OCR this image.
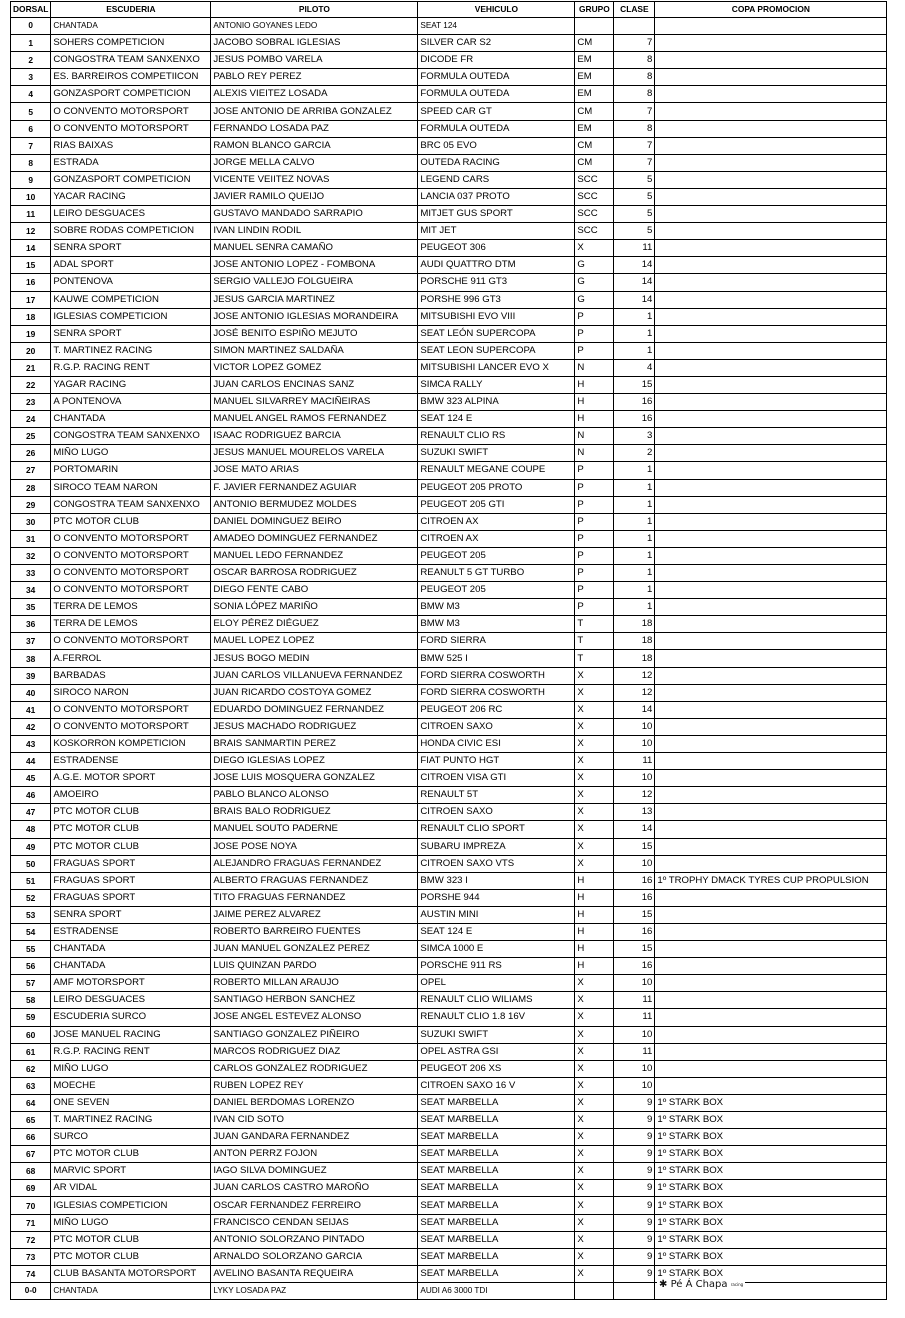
DORSAL	ESCUDERIA	PILOTO	VEHICULO	GRUPO	CLASE	COPA PROMOCION
0	CHANTADA	ANTONIO GOYANES LEDO	SEAT 124			
1	SOHERS COMPETICION	JACOBO SOBRAL IGLESIAS	SILVER CAR S2	CM	7	
2	CONGOSTRA TEAM SANXENXO	JESUS POMBO VARELA	DICODE FR	EM	8	
3	ES. BARREIROS COMPETIICON	PABLO REY PEREZ	FORMULA OUTEDA	EM	8	
4	GONZASPORT COMPETICION	ALEXIS VIEITEZ LOSADA	FORMULA OUTEDA	EM	8	
5	O CONVENTO MOTORSPORT	JOSE ANTONIO DE ARRIBA GONZALEZ	SPEED CAR GT	CM	7	
6	O CONVENTO MOTORSPORT	FERNANDO LOSADA PAZ	FORMULA OUTEDA	EM	8	
7	RIAS BAIXAS	RAMON BLANCO GARCIA	BRC 05 EVO	CM	7	
8	ESTRADA	JORGE MELLA CALVO	OUTEDA RACING	CM	7	
9	GONZASPORT COMPETICION	VICENTE VEIITEZ NOVAS	LEGEND CARS	SCC	5	
10	YACAR RACING	JAVIER RAMILO QUEIJO	LANCIA 037 PROTO	SCC	5	
11	LEIRO DESGUACES	GUSTAVO MANDADO SARRAPIO	MITJET GUS SPORT	SCC	5	
12	SOBRE RODAS COMPETICION	IVAN LINDIN RODIL	MIT JET	SCC	5	
14	SENRA SPORT	MANUEL SENRA CAMAÑO	PEUGEOT 306	X	11	
15	ADAL SPORT	JOSE ANTONIO LOPEZ - FOMBONA	AUDI QUATTRO DTM	G	14	
16	PONTENOVA	SERGIO VALLEJO FOLGUEIRA	PORSCHE 911 GT3	G	14	
17	KAUWE COMPETICION	JESUS GARCIA MARTINEZ	PORSHE 996 GT3	G	14	
18	IGLESIAS COMPETICION	JOSE ANTONIO IGLESIAS MORANDEIRA	MITSUBISHI EVO VIII	P	1	
19	SENRA SPORT	JOSÉ BENITO ESPIÑO MEJUTO	SEAT LEÓN SUPERCOPA	P	1	
20	T. MARTINEZ RACING	SIMON MARTINEZ SALDAÑA	SEAT LEON SUPERCOPA	P	1	
21	R.G.P. RACING RENT	VICTOR LOPEZ GOMEZ	MITSUBISHI LANCER EVO X	N	4	
22	YAGAR RACING	JUAN CARLOS ENCINAS SANZ	SIMCA RALLY	H	15	
23	A PONTENOVA	MANUEL SILVARREY MACIÑEIRAS	BMW 323 ALPINA	H	16	
24	CHANTADA	MANUEL ANGEL RAMOS FERNANDEZ	SEAT 124 E	H	16	
25	CONGOSTRA TEAM SANXENXO	ISAAC RODRIGUEZ BARCIA	RENAULT CLIO RS	N	3	
26	MIÑO LUGO	JESUS MANUEL MOURELOS VARELA	SUZUKI SWIFT	N	2	
27	PORTOMARIN	JOSE MATO ARIAS	RENAULT MEGANE COUPE	P	1	
28	SIROCO TEAM NARON	F. JAVIER FERNANDEZ AGUIAR	PEUGEOT 205 PROTO	P	1	
29	CONGOSTRA TEAM SANXENXO	ANTONIO BERMUDEZ MOLDES	PEUGEOT 205 GTI	P	1	
30	PTC MOTOR CLUB	DANIEL DOMINGUEZ BEIRO	CITROEN AX	P	1	
31	O CONVENTO MOTORSPORT	AMADEO DOMINGUEZ FERNANDEZ	CITROEN AX	P	1	
32	O CONVENTO MOTORSPORT	MANUEL LEDO FERNANDEZ	PEUGEOT 205	P	1	
33	O CONVENTO MOTORSPORT	OSCAR BARROSA RODRIGUEZ	REANULT 5 GT TURBO	P	1	
34	O CONVENTO MOTORSPORT	DIEGO FENTE CABO	PEUGEOT 205	P	1	
35	TERRA DE LEMOS	SONIA LÓPEZ MARIÑO	BMW M3	P	1	
36	TERRA DE LEMOS	ELOY PÉREZ DIÉGUEZ	BMW M3	T	18	
37	O CONVENTO MOTORSPORT	MAUEL LOPEZ LOPEZ	FORD SIERRA	T	18	
38	A.FERROL	JESUS BOGO MEDIN	BMW 525 I	T	18	
39	BARBADAS	JUAN CARLOS VILLANUEVA FERNANDEZ	FORD SIERRA COSWORTH	X	12	
40	SIROCO NARON	JUAN RICARDO COSTOYA GOMEZ	FORD SIERRA COSWORTH	X	12	
41	O CONVENTO MOTORSPORT	EDUARDO DOMINGUEZ FERNANDEZ	PEUGEOT 206 RC	X	14	
42	O CONVENTO MOTORSPORT	JESUS MACHADO RODRIGUEZ	CITROEN SAXO	X	10	
43	KOSKORRON KOMPETICION	BRAIS SANMARTIN PEREZ	HONDA CIVIC ESI	X	10	
44	ESTRADENSE	DIEGO IGLESIAS LOPEZ	FIAT PUNTO HGT	X	11	
45	A.G.E. MOTOR SPORT	JOSE LUIS MOSQUERA GONZALEZ	CITROEN VISA GTI	X	10	
46	AMOEIRO	PABLO BLANCO ALONSO	RENAULT 5T	X	12	
47	PTC MOTOR CLUB	BRAIS BALO RODRIGUEZ	CITROEN SAXO	X	13	
48	PTC MOTOR CLUB	MANUEL SOUTO PADERNE	RENAULT CLIO SPORT	X	14	
49	PTC MOTOR CLUB	JOSE POSE NOYA	SUBARU IMPREZA	X	15	
50	FRAGUAS SPORT	ALEJANDRO FRAGUAS FERNANDEZ	CITROEN SAXO VTS	X	10	
51	FRAGUAS SPORT	ALBERTO FRAGUAS FERNANDEZ	BMW 323 I	H	16	1º TROPHY DMACK TYRES CUP PROPULSION
52	FRAGUAS SPORT	TITO FRAGUAS FERNANDEZ	PORSHE 944	H	16	
53	SENRA SPORT	JAIME PEREZ ALVAREZ	AUSTIN MINI	H	15	
54	ESTRADENSE	ROBERTO BARREIRO FUENTES	SEAT 124 E	H	16	
55	CHANTADA	JUAN MANUEL GONZALEZ PEREZ	SIMCA 1000 E	H	15	
56	CHANTADA	LUIS QUINZAN PARDO	PORSCHE 911 RS	H	16	
57	AMF MOTORSPORT	ROBERTO MILLAN ARAUJO	OPEL	X	10	
58	LEIRO DESGUACES	SANTIAGO HERBON SANCHEZ	RENAULT CLIO WILIAMS	X	11	
59	ESCUDERIA SURCO	JOSE ANGEL ESTEVEZ ALONSO	RENAULT CLIO 1.8 16V	X	11	
60	JOSE MANUEL RACING	SANTIAGO GONZALEZ PIÑEIRO	SUZUKI SWIFT	X	10	
61	R.G.P. RACING RENT	MARCOS RODRIGUEZ DIAZ	OPEL ASTRA GSI	X	11	
62	MIÑO LUGO	CARLOS GONZALEZ RODRIGUEZ	PEUGEOT 206 XS	X	10	
63	MOECHE	RUBEN LOPEZ REY	CITROEN SAXO 16 V	X	10	
64	ONE SEVEN	DANIEL BERDOMAS LORENZO	SEAT MARBELLA	X	9	1º STARK BOX
65	T. MARTINEZ RACING	IVAN CID SOTO	SEAT MARBELLA	X	9	1º STARK BOX
66	SURCO	JUAN GANDARA FERNANDEZ	SEAT MARBELLA	X	9	1º STARK BOX
67	PTC MOTOR CLUB	ANTON PERRZ FOJON	SEAT MARBELLA	X	9	1º STARK BOX
68	MARVIC SPORT	IAGO SILVA DOMINGUEZ	SEAT MARBELLA	X	9	1º STARK BOX
69	AR VIDAL	JUAN CARLOS CASTRO MAROÑO	SEAT MARBELLA	X	9	1º STARK BOX
70	IGLESIAS COMPETICION	OSCAR FERNANDEZ FERREIRO	SEAT MARBELLA	X	9	1º STARK BOX
71	MIÑO LUGO	FRANCISCO CENDAN SEIJAS	SEAT MARBELLA	X	9	1º STARK BOX
72	PTC MOTOR CLUB	ANTONIO SOLORZANO PINTADO	SEAT MARBELLA	X	9	1º STARK BOX
73	PTC MOTOR CLUB	ARNALDO SOLORZANO GARCIA	SEAT MARBELLA	X	9	1º STARK BOX
74	CLUB BASANTA MOTORSPORT	AVELINO BASANTA REQUEIRA	SEAT MARBELLA	X	9	1º STARK BOX
0-0	CHANTADA	LYKY LOSADA PAZ	AUDI A6 3000 TDI			
✱ Pé Á Chapa racing
